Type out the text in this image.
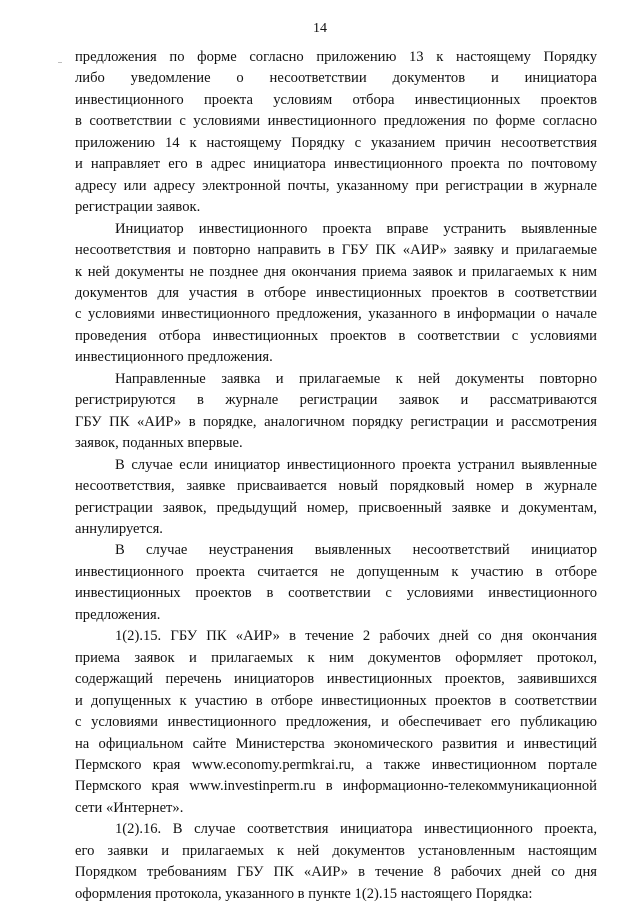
14
предложения по форме согласно приложению 13 к настоящему Порядку
либо уведомление о несоответствии документов и инициатора
инвестиционного проекта условиям отбора инвестиционных проектов
в соответствии с условиями инвестиционного предложения по форме согласно
приложению 14 к настоящему Порядку с указанием причин несоответствия
и направляет его в адрес инициатора инвестиционного проекта по почтовому
адресу или адресу электронной почты, указанному при регистрации в журнале
регистрации заявок.
Инициатор инвестиционного проекта вправе устранить выявленные
несоответствия и повторно направить в ГБУ ПК «АИР» заявку и прилагаемые
к ней документы не позднее дня окончания приема заявок и прилагаемых к ним
документов для участия в отборе инвестиционных проектов в соответствии
с условиями инвестиционного предложения, указанного в информации о начале
проведения отбора инвестиционных проектов в соответствии с условиями
инвестиционного предложения.
Направленные заявка и прилагаемые к ней документы повторно
регистрируются в журнале регистрации заявок и рассматриваются
ГБУ ПК «АИР» в порядке, аналогичном порядку регистрации и рассмотрения
заявок, поданных впервые.
В случае если инициатор инвестиционного проекта устранил выявленные
несоответствия, заявке присваивается новый порядковый номер в журнале
регистрации заявок, предыдущий номер, присвоенный заявке и документам,
аннулируется.
В случае неустранения выявленных несоответствий инициатор
инвестиционного проекта считается не допущенным к участию в отборе
инвестиционных проектов в соответствии с условиями инвестиционного
предложения.
1(2).15. ГБУ ПК «АИР» в течение 2 рабочих дней со дня окончания
приема заявок и прилагаемых к ним документов оформляет протокол,
содержащий перечень инициаторов инвестиционных проектов, заявившихся
и допущенных к участию в отборе инвестиционных проектов в соответствии
с условиями инвестиционного предложения, и обеспечивает его публикацию
на официальном сайте Министерства экономического развития и инвестиций
Пермского края www.economy.permkrai.ru, а также инвестиционном портале
Пермского края www.investinperm.ru в информационно-телекоммуникационной
сети «Интернет».
1(2).16. В случае соответствия инициатора инвестиционного проекта,
его заявки и прилагаемых к ней документов установленным настоящим
Порядком требованиям ГБУ ПК «АИР» в течение 8 рабочих дней со дня
оформления протокола, указанного в пункте 1(2).15 настоящего Порядка:
..
